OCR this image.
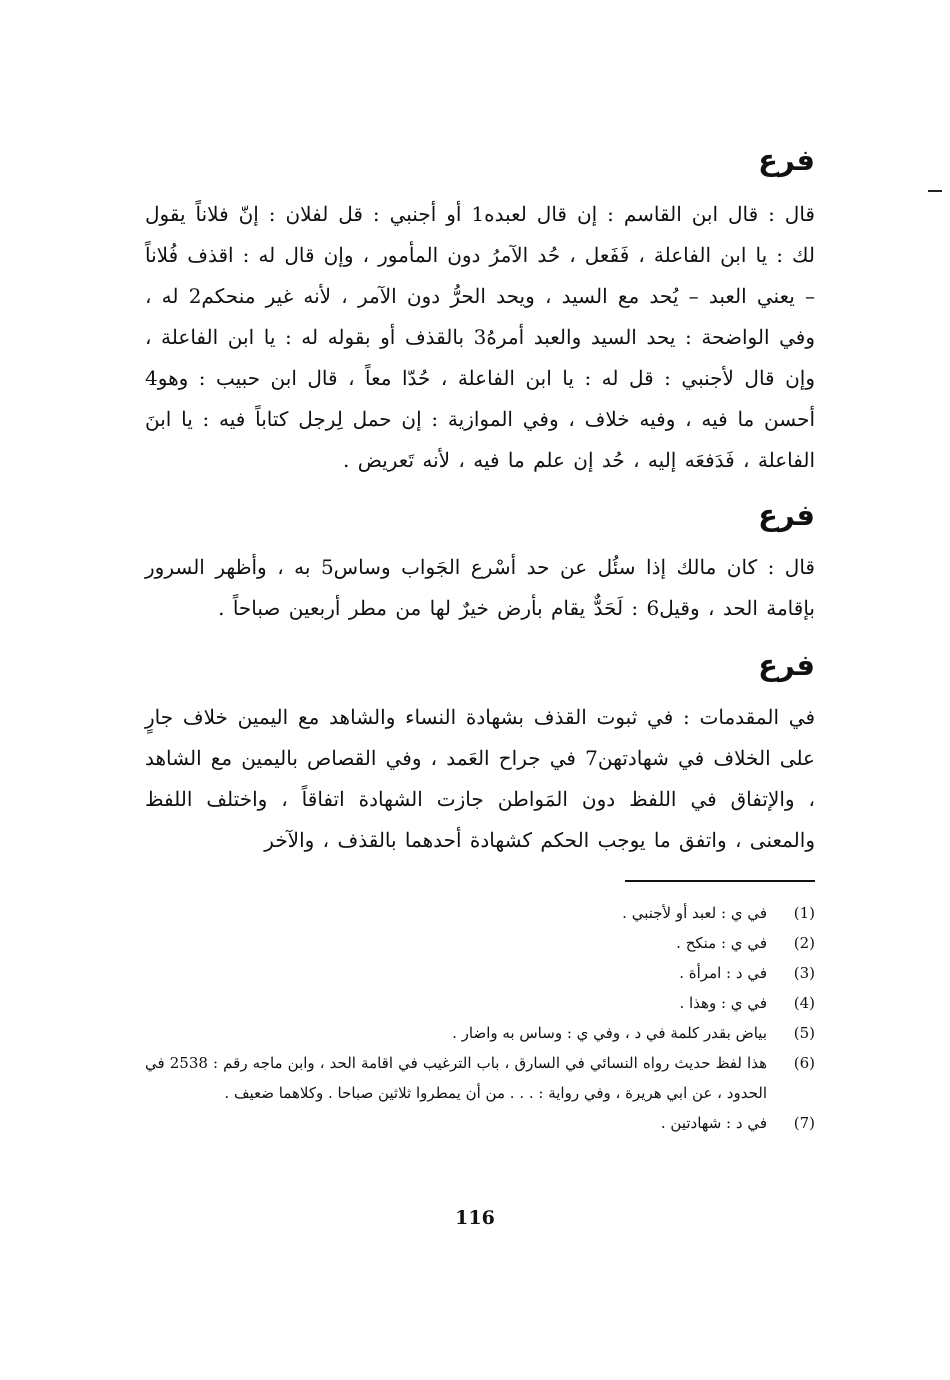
فرع
قال : قال ابن القاسم : إن قال لعبده1 أو أجنبي : قل لفلان : إنّ فلاناً يقول لك : يا ابن الفاعلة ، فَفَعل ، حُد الآمرُ دون المأمور ، وإن قال له : اقذف فُلاناً – يعني العبد – يُحد مع السيد ، ويحد الحرُّ دون الآمر ، لأنه غير منحكم2 له ، وفي الواضحة : يحد السيد والعبد أمرهُ3 بالقذف أو بقوله له : يا ابن الفاعلة ، وإن قال لأجنبي : قل له : يا ابن الفاعلة ، حُدّا معاً ، قال ابن حبيب : وهو4 أحسن ما فيه ، وفيه خلاف ، وفي الموازية : إن حمل لِرجل كتاباً فيه : يا ابنَ الفاعلة ، فَدَفعَه إليه ، حُد إن علم ما فيه ، لأنه تَعريض .
فرع
قال : كان مالك إذا سئُل عن حد أسْرع الجَواب وساس5 به ، وأظهر السرور بإقامة الحد ، وقيل6 : لَحَدٌّ يقام بأرض خيرٌ لها من مطر أربعين صباحاً .
فرع
في المقدمات : في ثبوت القذف بشهادة النساء والشاهد مع اليمين خلاف جارٍ على الخلاف في شهادتهن7 في جراح العَمد ، وفي القصاص باليمين مع الشاهد ، والإتفاق في اللفظ دون المَواطن جازت الشهادة اتفاقاً ، واختلف اللفظ والمعنى ، واتفق ما يوجب الحكم كشهادة أحدهما بالقذف ، والآخر
(1)
في ي : لعبد أو لأجنبي .
(2)
في ي : منكح .
(3)
في د : امرأة .
(4)
في ي : وهذا .
(5)
بياض بقدر كلمة في د ، وفي ي : وساس به واضار .
(6)
هذا لفظ حديث رواه النسائي في السارق ، باب الترغيب في اقامة الحد ، وابن ماجه رقم : 2538 في الحدود ، عن ابي هريرة ، وفي رواية : . . . من أن يمطروا ثلاثين صباحا . وكلاهما ضعيف .
(7)
في د : شهادتين .
116
